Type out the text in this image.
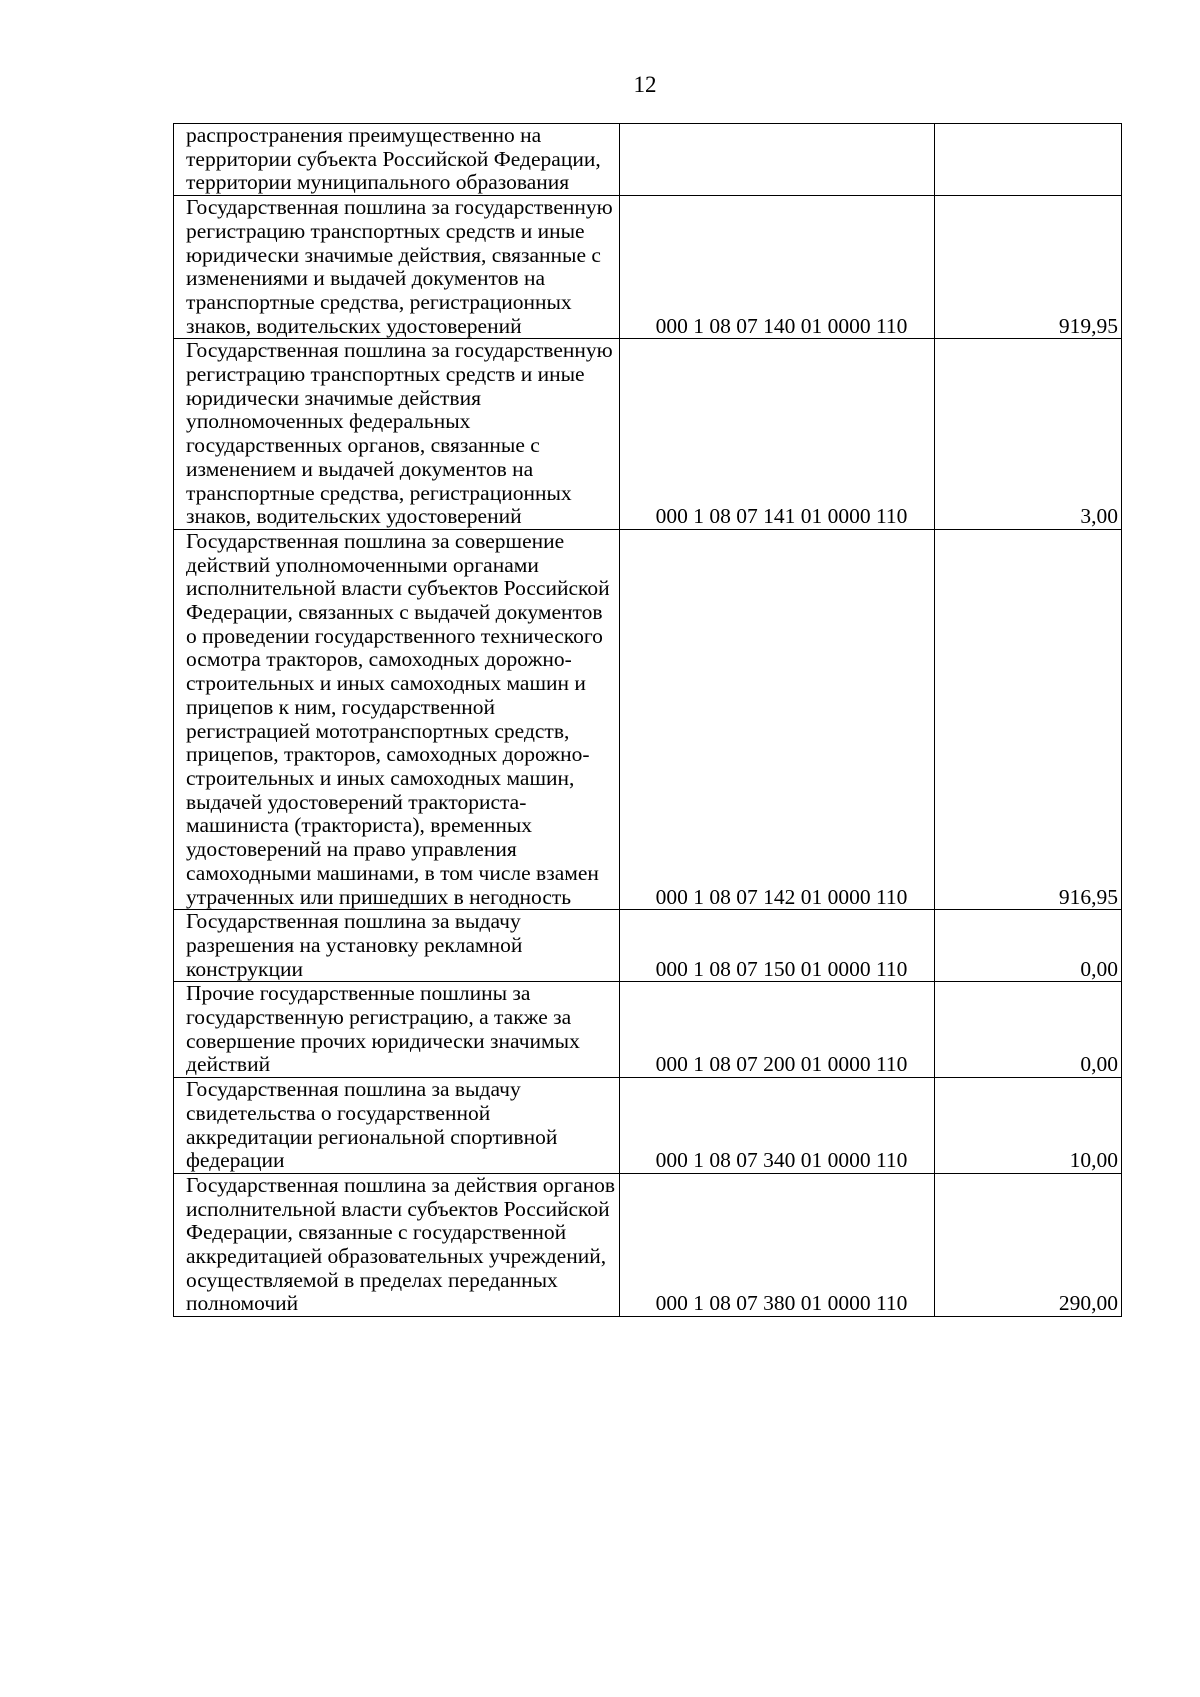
12
распространения преимущественно на территории субъекта Российской Федерации, территории муниципального образования		
Государственная пошлина за государственную регистрацию транспортных средств и иные юридически значимые действия, связанные с изменениями и выдачей документов на транспортные средства, регистрационных знаков, водительских удостоверений	000 1 08 07 140 01 0000 110	919,95
Государственная пошлина за государственную регистрацию транспортных средств и иные юридически значимые действия уполномоченных федеральных государственных органов, связанные с изменением и выдачей документов на транспортные средства, регистрационных знаков, водительских удостоверений	000 1 08 07 141 01 0000 110	3,00
Государственная пошлина за совершение действий уполномоченными органами исполнительной власти субъектов Российской Федерации, связанных с выдачей документов о проведении государственного технического осмотра тракторов, самоходных дорожно-строительных и иных самоходных машин и прицепов к ним, государственной регистрацией мототранспортных средств, прицепов, тракторов, самоходных дорожно-строительных и иных самоходных машин, выдачей удостоверений тракториста-машиниста (тракториста), временных удостоверений на право управления самоходными машинами, в том числе взамен утраченных или пришедших в негодность	000 1 08 07 142 01 0000 110	916,95
Государственная пошлина за выдачу разрешения на установку рекламной конструкции	000 1 08 07 150 01 0000 110	0,00
Прочие государственные пошлины за государственную регистрацию, а также за совершение прочих юридически значимых действий	000 1 08 07 200 01 0000 110	0,00
Государственная пошлина за выдачу свидетельства о государственной аккредитации региональной спортивной федерации	000 1 08 07 340 01 0000 110	10,00
Государственная пошлина за действия органов исполнительной власти субъектов Российской Федерации, связанные с государственной аккредитацией образовательных учреждений, осуществляемой в пределах переданных полномочий	000 1 08 07 380 01 0000 110	290,00
